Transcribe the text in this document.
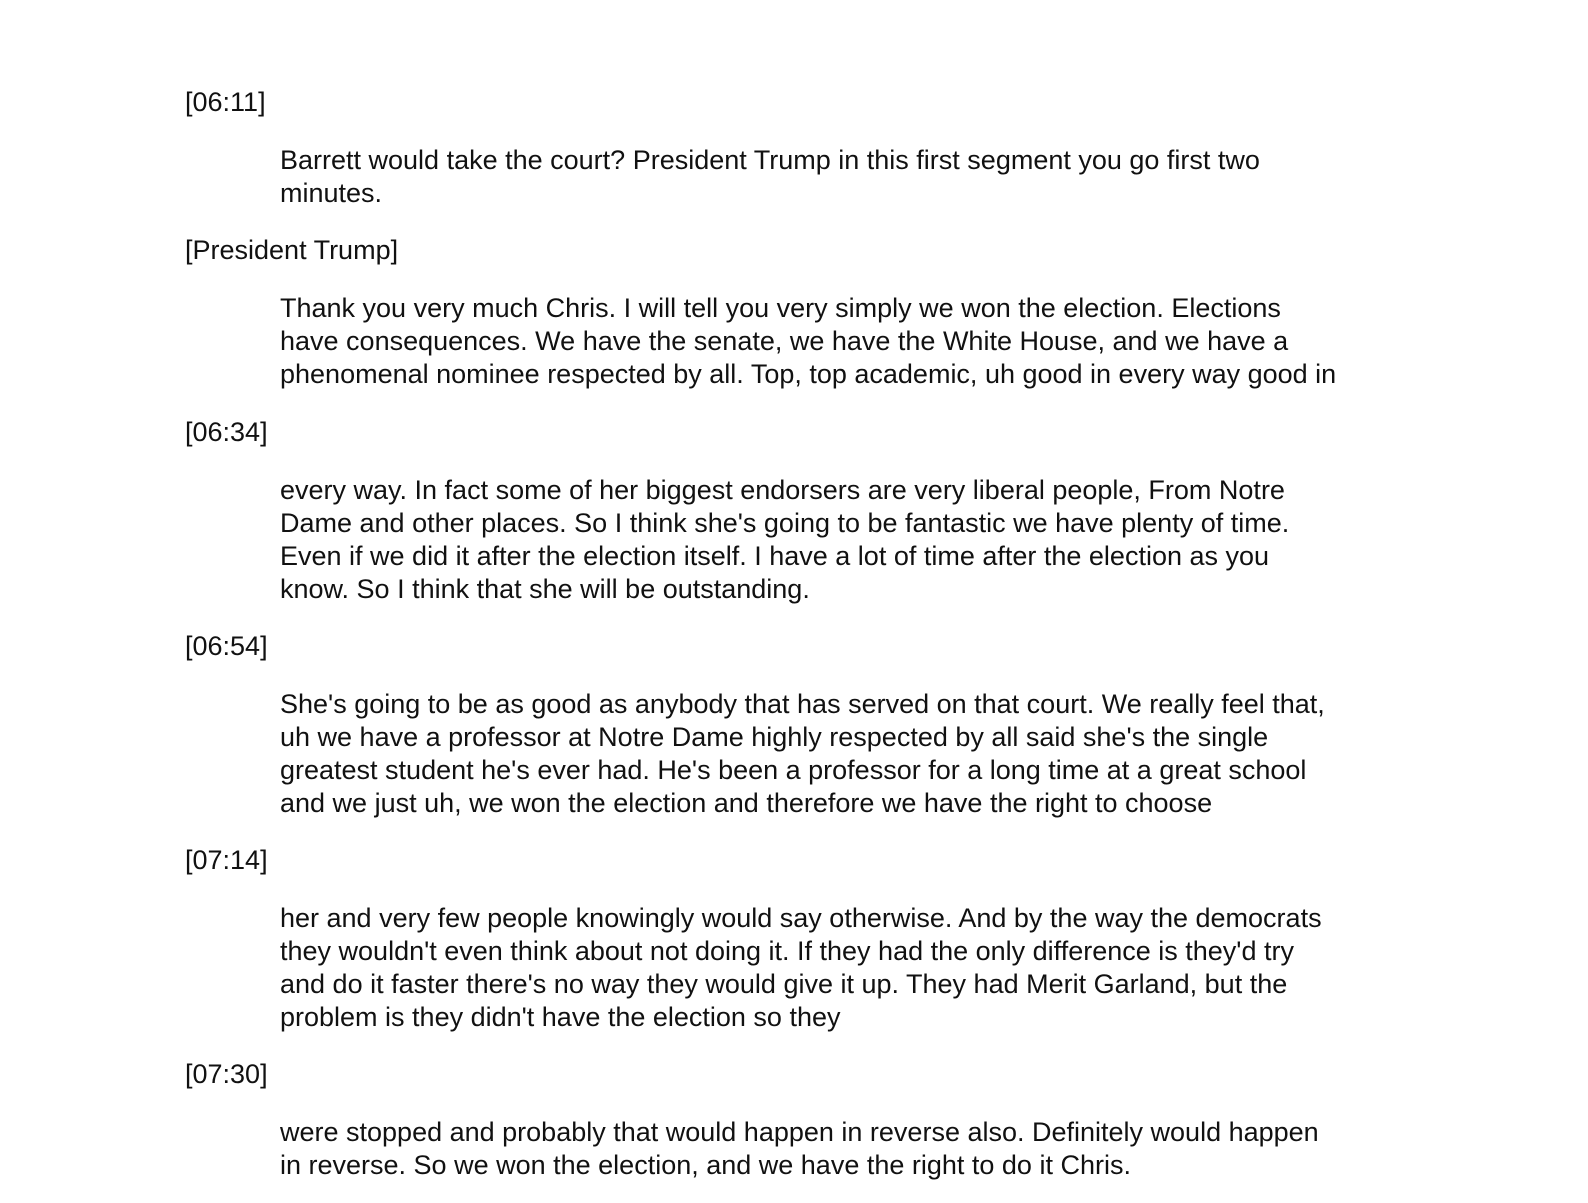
[06:11]
Barrett would take the court? President Trump in this first segment you go first two
minutes.
[President Trump]
Thank you very much Chris. I will tell you very simply we won the election. Elections
have consequences. We have the senate, we have the White House, and we have a
phenomenal nominee respected by all. Top, top academic, uh good in every way good in
[06:34]
every way. In fact some of her biggest endorsers are very liberal people, From Notre
Dame and other places. So I think she's going to be fantastic we have plenty of time.
Even if we did it after the election itself. I have a lot of time after the election as you
know. So I think that she will be outstanding.
[06:54]
She's going to be as good as anybody that has served on that court. We really feel that,
uh we have a professor at Notre Dame highly respected by all said she's the single
greatest student he's ever had. He's been a professor for a long time at a great school
and we just uh, we won the election and therefore we have the right to choose
[07:14]
her and very few people knowingly would say otherwise. And by the way the democrats
they wouldn't even think about not doing it. If they had the only difference is they'd try
and do it faster there's no way they would give it up. They had Merit Garland, but the
problem is they didn't have the election so they
[07:30]
were stopped and probably that would happen in reverse also. Definitely would happen
in reverse. So we won the election, and we have the right to do it Chris.
